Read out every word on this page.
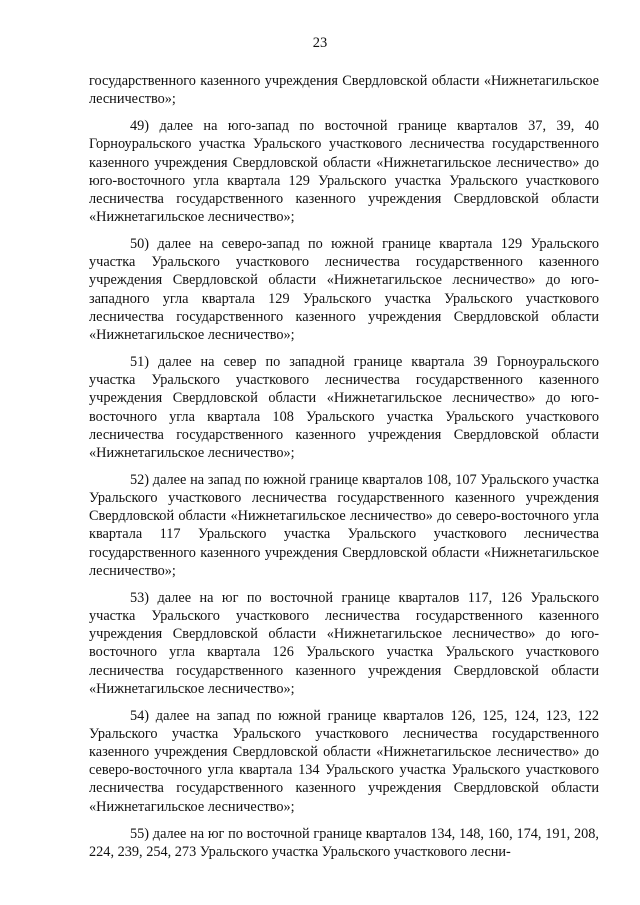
23

государственного казенного учреждения Свердловской области «Нижнетагильское лесничество»;

49) далее на юго-запад по восточной границе кварталов 37, 39, 40 Горноуральского участка Уральского участкового лесничества государственного казенного учреждения Свердловской области «Нижнетагильское лесничество» до юго-восточного угла квартала 129 Уральского участка Уральского участкового лесничества государственного казенного учреждения Свердловской области «Нижнетагильское лесничество»;

50) далее на северо-запад по южной границе квартала 129 Уральского участка Уральского участкового лесничества государственного казенного учреждения Свердловской области «Нижнетагильское лесничество» до юго-западного угла квартала 129 Уральского участка Уральского участкового лесничества государственного казенного учреждения Свердловской области «Нижнетагильское лесничество»;

51) далее на север по западной границе квартала 39 Горноуральского участка Уральского участкового лесничества государственного казенного учреждения Свердловской области «Нижнетагильское лесничество» до юго-восточного угла квартала 108 Уральского участка Уральского участкового лесничества государственного казенного учреждения Свердловской области «Нижнетагильское лесничество»;

52) далее на запад по южной границе кварталов 108, 107 Уральского участка Уральского участкового лесничества государственного казенного учреждения Свердловской области «Нижнетагильское лесничество» до северо-восточного угла квартала 117 Уральского участка Уральского участкового лесничества государственного казенного учреждения Свердловской области «Нижнетагильское лесничество»;

53) далее на юг по восточной границе кварталов 117, 126 Уральского участка Уральского участкового лесничества государственного казенного учреждения Свердловской области «Нижнетагильское лесничество» до юго-восточного угла квартала 126 Уральского участка Уральского участкового лесничества государственного казенного учреждения Свердловской области «Нижнетагильское лесничество»;

54) далее на запад по южной границе кварталов 126, 125, 124, 123, 122 Уральского участка Уральского участкового лесничества государственного казенного учреждения Свердловской области «Нижнетагильское лесничество» до северо-восточного угла квартала 134 Уральского участка Уральского участкового лесничества государственного казенного учреждения Свердловской области «Нижнетагильское лесничество»;

55) далее на юг по восточной границе кварталов 134, 148, 160, 174, 191, 208, 224, 239, 254, 273 Уральского участка Уральского участкового лесни-
